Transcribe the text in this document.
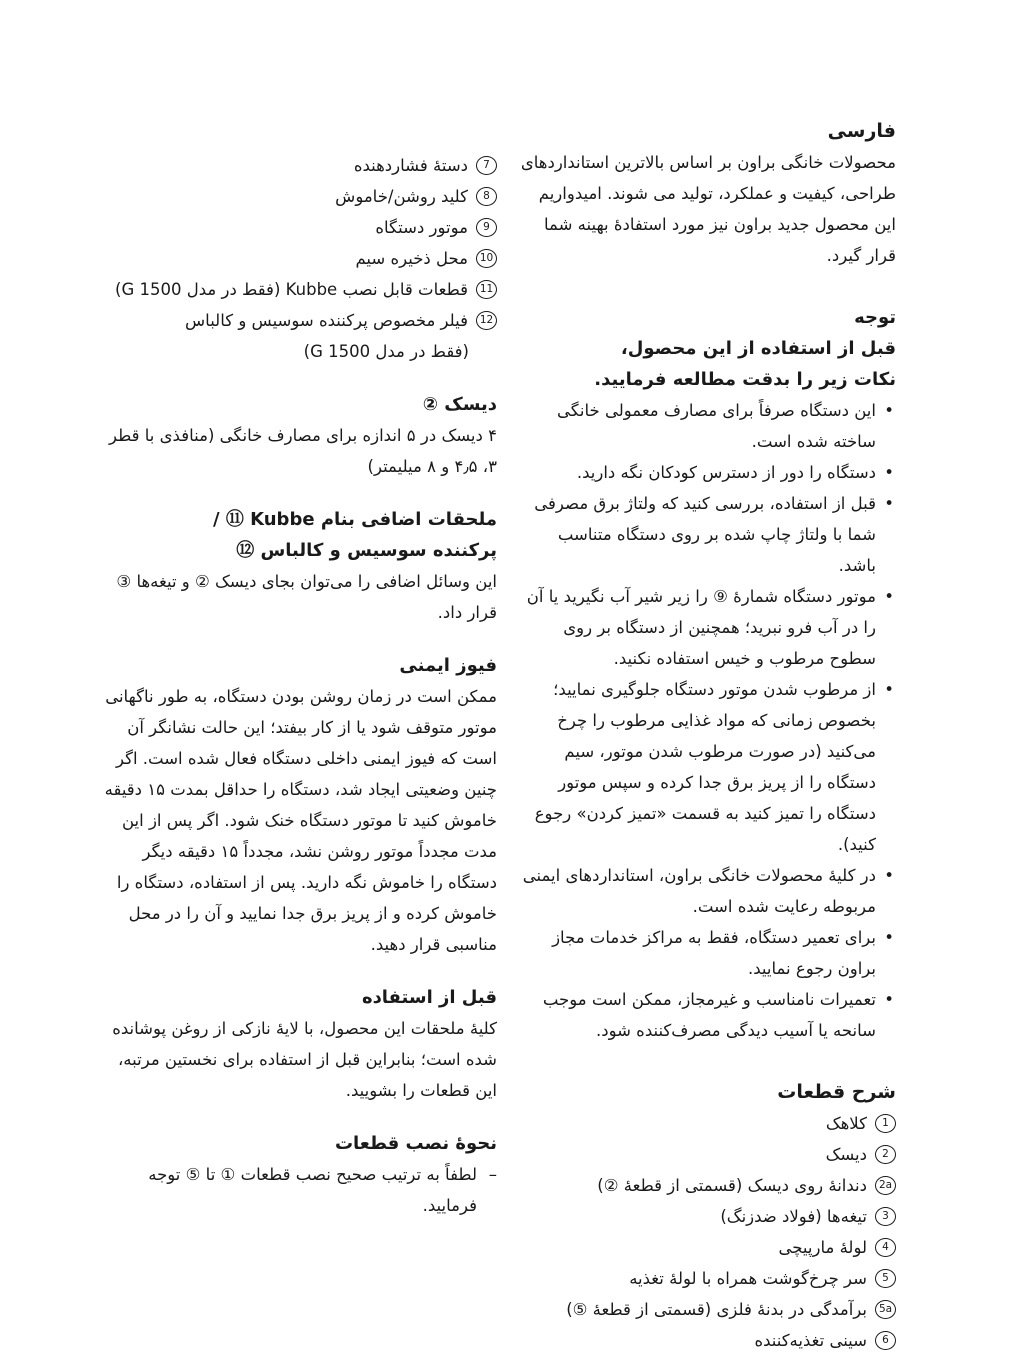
فارسی

محصولات خانگی براون بر اساس بالاترین استانداردهای طراحی، کیفیت و عملکرد، تولید می شوند. امیدواریم این محصول جدید براون نیز مورد استفادهٔ بهینه شما قرار گیرد.

توجه
قبل از استفاده از این محصول،
نکات زیر را بدقت مطالعه فرمایید.
• این دستگاه صرفاً برای مصارف معمولی خانگی ساخته شده است.
• دستگاه را دور از دسترس کودکان نگه دارید.
• قبل از استفاده، بررسی کنید که ولتاژ برق مصرفی شما با ولتاژ چاپ شده بر روی دستگاه متناسب باشد.
• موتور دستگاه شمارهٔ ⑨ را زیر شیر آب نگیرید یا آن را در آب فرو نبرید؛ همچنین از دستگاه بر روی سطوح مرطوب و خیس استفاده نکنید.
• از مرطوب شدن موتور دستگاه جلوگیری نمایید؛ بخصوص زمانی که مواد غذایی مرطوب را چرخ می‌کنید (در صورت مرطوب شدن موتور، سیم دستگاه را از پریز برق جدا کرده و سپس موتور دستگاه را تمیز کنید به قسمت «تمیز کردن» رجوع کنید).
• در کلیهٔ محصولات خانگی براون، استانداردهای ایمنی مربوطه رعایت شده است.
• برای تعمیر دستگاه، فقط به مراکز خدمات مجاز براون رجوع نمایید.
• تعمیرات نامناسب و غیرمجاز، ممکن است موجب سانحه یا آسیب دیدگی مصرف‌کننده شود.
شرح قطعات
1
کلاهک
2
دیسک
2a
دندانهٔ روی دیسک (قسمتی از قطعهٔ ②)
3
تیغه‌ها (فولاد ضدزنگ)
4
لولهٔ مارپیچی
5
سر چرخ‌گوشت همراه با لولهٔ تغذیه
5a
برآمدگی در بدنهٔ فلزی (قسمتی از قطعهٔ ⑤)
6
سینی تغذیه‌کننده
7
دستهٔ فشاردهنده
8
کلید روشن/خاموش
9
موتور دستگاه
10
محل ذخیره سیم
11
قطعات قابل نصب Kubbe (فقط در مدل G 1500)
12
فیلر مخصوص پرکننده سوسیس و کالباس

(فقط در مدل G 1500)

دیسک ②

۴ دیسک در ۵ اندازه برای مصارف خانگی (منافذی با قطر ۳، ۴٫۵ و ۸ میلیمتر)

ملحقات اضافی بنام Kubbe ⑪ /
پرکننده سوسیس و کالباس ⑫

این وسائل اضافی را می‌توان بجای دیسک ② و تیغه‌ها ③ قرار داد.

فیوز ایمنی

ممکن است در زمان روشن بودن دستگاه، به طور ناگهانی موتور متوقف شود یا از کار بیفتد؛ این حالت نشانگر آن است که فیوز ایمنی داخلی دستگاه فعال شده است. اگر چنین وضعیتی ایجاد شد، دستگاه را حداقل بمدت ۱۵ دقیقه خاموش کنید تا موتور دستگاه خنک شود. اگر پس از این مدت مجدداً موتور روشن نشد، مجدداً ۱۵ دقیقه دیگر دستگاه را خاموش نگه دارید. پس از استفاده، دستگاه را خاموش کرده و از پریز برق جدا نمایید و آن را در محل مناسبی قرار دهید.

قبل از استفاده

کلیهٔ ملحقات این محصول، با لایهٔ نازکی از روغن پوشانده شده است؛ بنابراین قبل از استفاده برای نخستین مرتبه، این قطعات را بشویید.

نحوهٔ نصب قطعات
– لطفاً به ترتیب صحیح نصب قطعات ① تا ⑤ توجه فرمایید.
